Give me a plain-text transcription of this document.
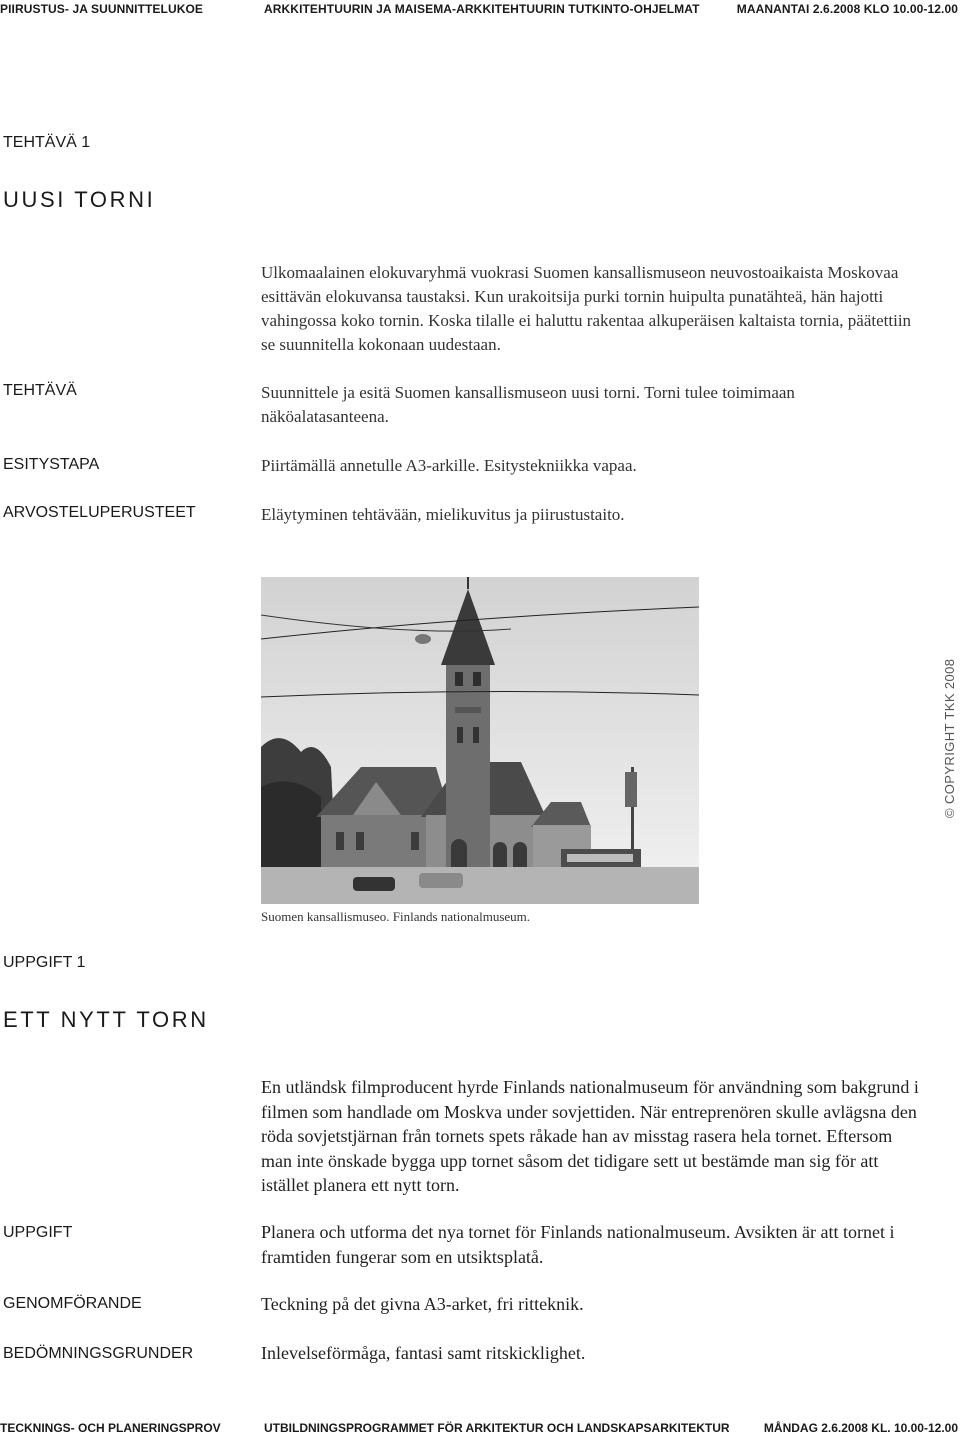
PIIRUSTUS- JA SUUNNITTELUKOE	ARKKITEHTUURIN JA MAISEMA-ARKKITEHTUURIN TUTKINTO-OHJELMAT	MAANANTAI 2.6.2008 KLO 10.00-12.00
TEHTÄVÄ 1
UUSI TORNI

Ulkomaalainen elokuvaryhmä vuokrasi Suomen kansallismuseon neuvostoaikaista Moskovaa esittävän elokuvansa taustaksi. Kun urakoitsija purki tornin huipulta punatähteä, hän hajotti vahingossa koko tornin. Koska tilalle ei haluttu rakentaa alkuperäisen kaltaista tornia, päätettiin se suunnitella kokonaan uudestaan.

TEHTÄVÄ	Suunnittele ja esitä Suomen kansallismuseon uusi torni. Torni tulee toimimaan näköalatasanteena.

ESITYSTAPA	Piirtämällä annetulle A3-arkille. Esitystekniikka vapaa.

ARVOSTELUPERUSTEET	Eläytyminen tehtävään, mielikuvitus ja piirustustaito.

Suomen kansallismuseo. Finlands nationalmuseum.
© COPYRIGHT TKK 2008
UPPGIFT 1
ETT NYTT TORN

En utländsk filmproducent hyrde Finlands nationalmuseum för användning som bakgrund i filmen som handlade om Moskva under sovjettiden. När entreprenören skulle avlägsna den röda sovjetstjärnan från tornets spets råkade han av misstag rasera hela tornet. Eftersom man inte önskade bygga upp tornet såsom det tidigare sett ut bestämde man sig för att istället planera ett nytt torn.

UPPGIFT	Planera och utforma det nya tornet för Finlands nationalmuseum. Avsikten är att tornet i framtiden fungerar som en utsiktsplatå.

GENOMFÖRANDE	Teckning på det givna A3-arket, fri ritteknik.

BEDÖMNINGSGRUNDER	Inlevelseförmåga, fantasi samt ritskicklighet.

TECKNINGS- OCH PLANERINGSPROV	UTBILDNINGSPROGRAMMET FÖR ARKITEKTUR OCH LANDSKAPSARKITEKTUR	MÅNDAG 2.6.2008 KL. 10.00-12.00
